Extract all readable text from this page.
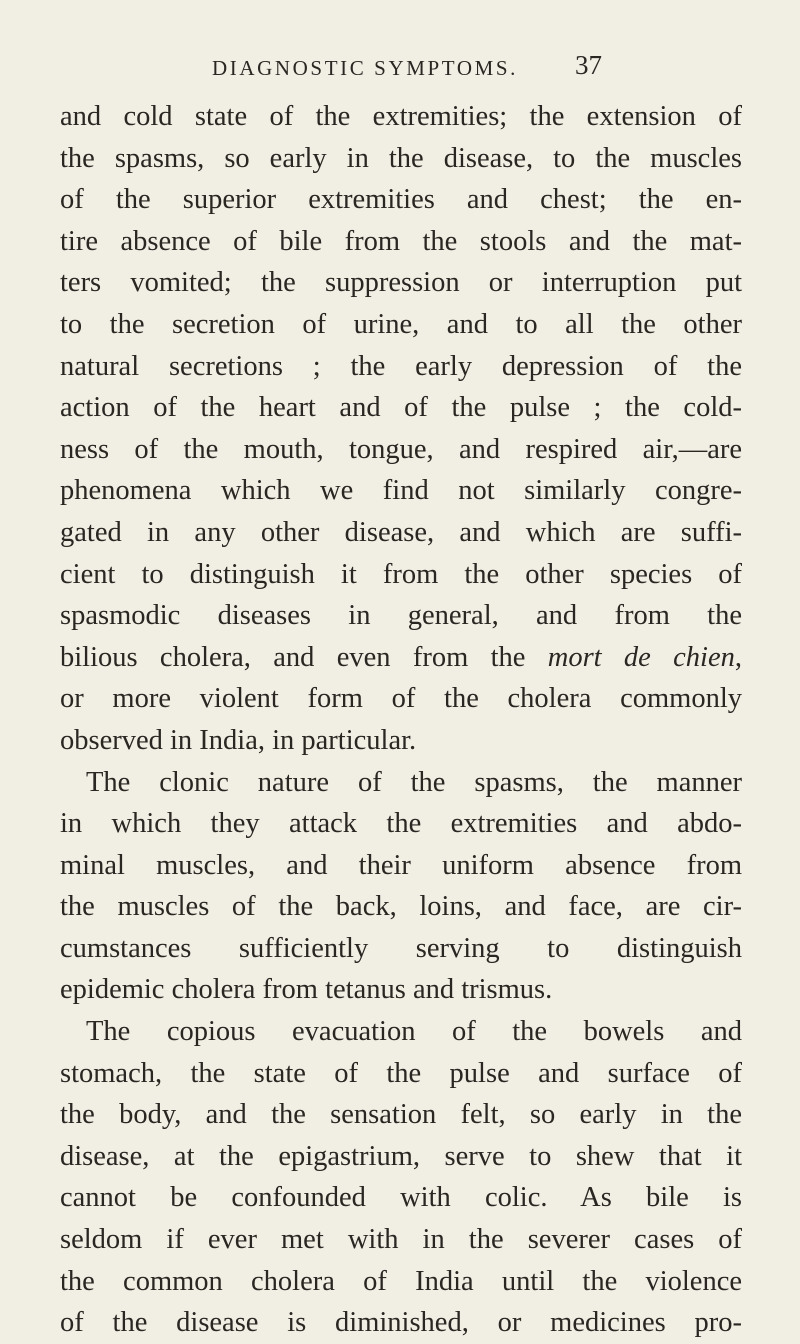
DIAGNOSTIC SYMPTOMS.	37
and cold state of the extremities; the extension of
the spasms, so early in the disease, to the muscles
of the superior extremities and chest; the en-
tire absence of bile from the stools and the mat-
ters vomited; the suppression or interruption put
to the secretion of urine, and to all the other
natural secretions ; the early depression of the
action of the heart and of the pulse ; the cold-
ness of the mouth, tongue, and respired air,—are
phenomena which we find not similarly congre-
gated in any other disease, and which are suffi-
cient to distinguish it from the other species of
spasmodic diseases in general, and from the
bilious cholera, and even from the mort de chien,
or more violent form of the cholera commonly
observed in India, in particular.
The clonic nature of the spasms, the manner
in which they attack the extremities and abdo-
minal muscles, and their uniform absence from
the muscles of the back, loins, and face, are cir-
cumstances sufficiently serving to distinguish
epidemic cholera from tetanus and trismus.
The copious evacuation of the bowels and
stomach, the state of the pulse and surface of
the body, and the sensation felt, so early in the
disease, at the epigastrium, serve to shew that it
cannot be confounded with colic. As bile is
seldom if ever met with in the severer cases of
the common cholera of India until the violence
of the disease is diminished, or medicines pro-
